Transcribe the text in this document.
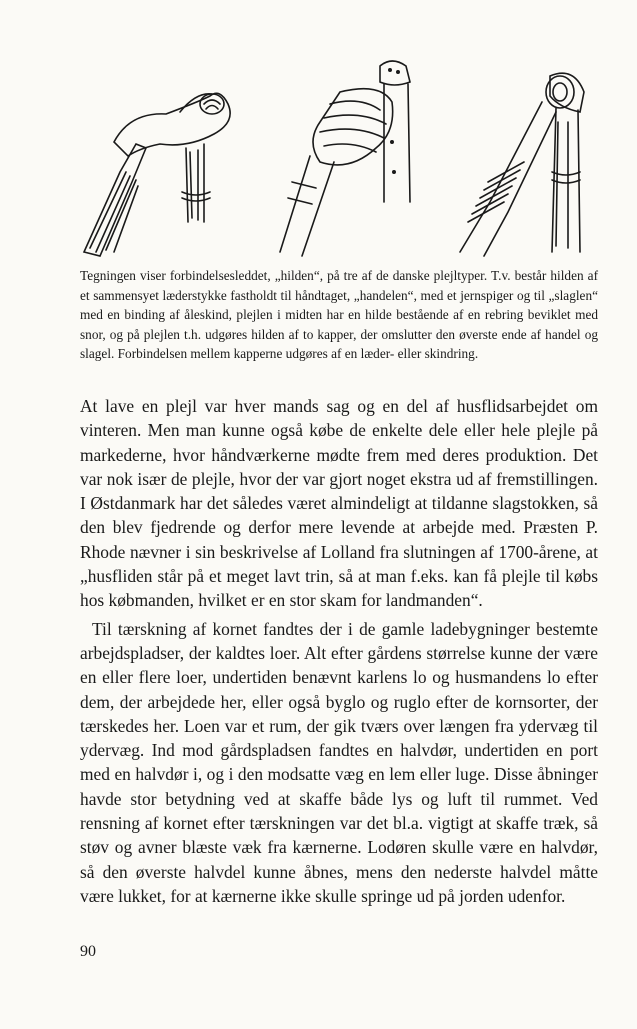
Tegningen viser forbindelsesleddet, „hilden“, på tre af de danske plejltyper. T.v. består hilden af et sammensyet læderstykke fastholdt til håndtaget, „handelen“, med et jernspiger og til „slaglen“ med en binding af åleskind, plejlen i midten har en hilde bestående af en rebring beviklet med snor, og på plejlen t.h. udgøres hilden af to kapper, der omslutter den øverste ende af handel og slagel. Forbindelsen mellem kapperne udgøres af en læder- eller skindring.

At lave en plejl var hver mands sag og en del af husflidsarbejdet om vinteren. Men man kunne også købe de enkelte dele eller hele plejle på markederne, hvor håndværkerne mødte frem med deres produktion. Det var nok især de plejle, hvor der var gjort noget ekstra ud af fremstillingen. I Østdanmark har det således været almindeligt at tildanne slagstokken, så den blev fjedrende og derfor mere levende at arbejde med. Præsten P. Rhode nævner i sin beskrivelse af Lolland fra slutningen af 1700-årene, at „husfliden står på et meget lavt trin, så at man f.eks. kan få plejle til købs hos købmanden, hvilket er en stor skam for landmanden“.

Til tærskning af kornet fandtes der i de gamle ladebygninger bestemte arbejdspladser, der kaldtes loer. Alt efter gårdens størrelse kunne der være en eller flere loer, undertiden benævnt karlens lo og husmandens lo efter dem, der arbejdede her, eller også byglo og ruglo efter de kornsorter, der tærskedes her. Loen var et rum, der gik tværs over længen fra ydervæg til ydervæg. Ind mod gårdspladsen fandtes en halvdør, undertiden en port med en halvdør i, og i den modsatte væg en lem eller luge. Disse åbninger havde stor betydning ved at skaffe både lys og luft til rummet. Ved rensning af kornet efter tærskningen var det bl.a. vigtigt at skaffe træk, så støv og avner blæste væk fra kærnerne. Lodøren skulle være en halvdør, så den øverste halvdel kunne åbnes, mens den nederste halvdel måtte være lukket, for at kærnerne ikke skulle springe ud på jorden udenfor.

90
